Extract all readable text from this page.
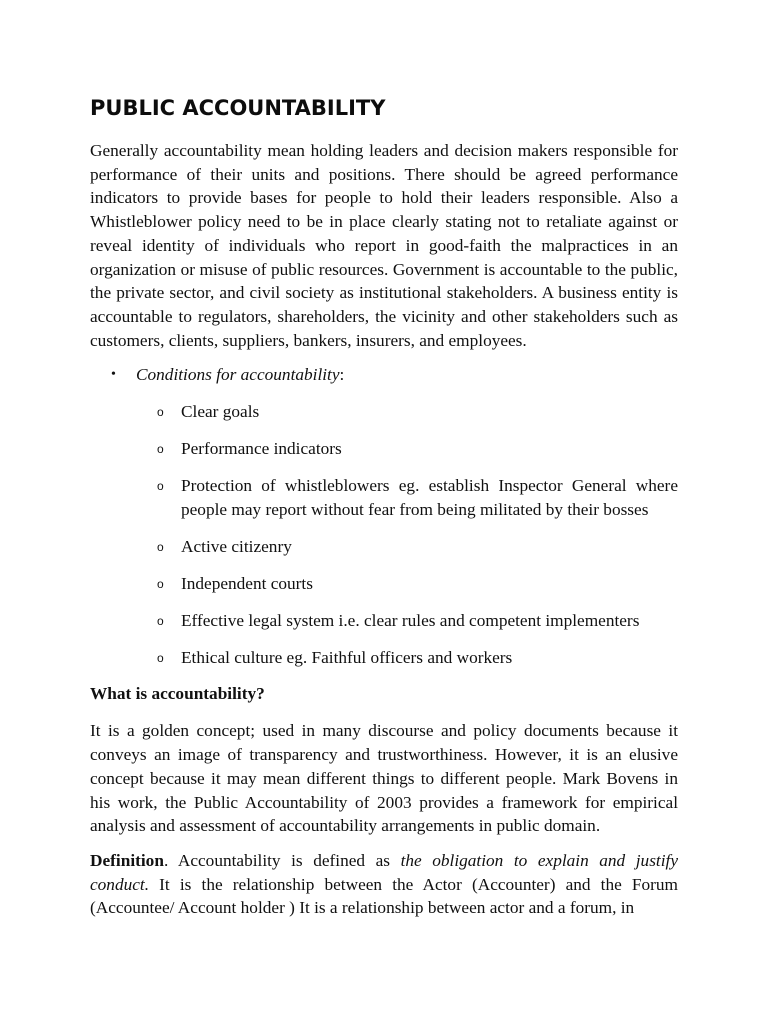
PUBLIC ACCOUNTABILITY

Generally accountability mean holding leaders and decision makers responsible for performance of their units and positions. There should be agreed performance indicators to provide bases for people to hold their leaders responsible. Also a Whistleblower policy need to be in place clearly stating not to retaliate against or reveal identity of individuals who report in good-faith the malpractices in an organization or misuse of public resources. Government is accountable to the public, the private sector, and civil society as institutional stakeholders. A business entity is accountable to regulators, shareholders, the vicinity and other stakeholders such as customers, clients, suppliers, bankers, insurers, and employees.

• Conditions for accountability:
o Clear goals
o Performance indicators
o Protection of whistleblowers eg. establish Inspector General where people may report without fear from being militated by their bosses
o Active citizenry
o Independent courts
o Effective legal system i.e. clear rules and competent implementers
o Ethical culture eg. Faithful officers and workers

What is accountability?

It is a golden concept; used in many discourse and policy documents because it conveys an image of transparency and trustworthiness. However, it is an elusive concept because it may mean different things to different people. Mark Bovens in his work, the Public Accountability of 2003 provides a framework for empirical analysis and assessment of accountability arrangements in public domain.

Definition. Accountability is defined as the obligation to explain and justify conduct. It is the relationship between the Actor (Accounter) and the Forum (Accountee/ Account holder ) It is a relationship between actor and a forum, in
